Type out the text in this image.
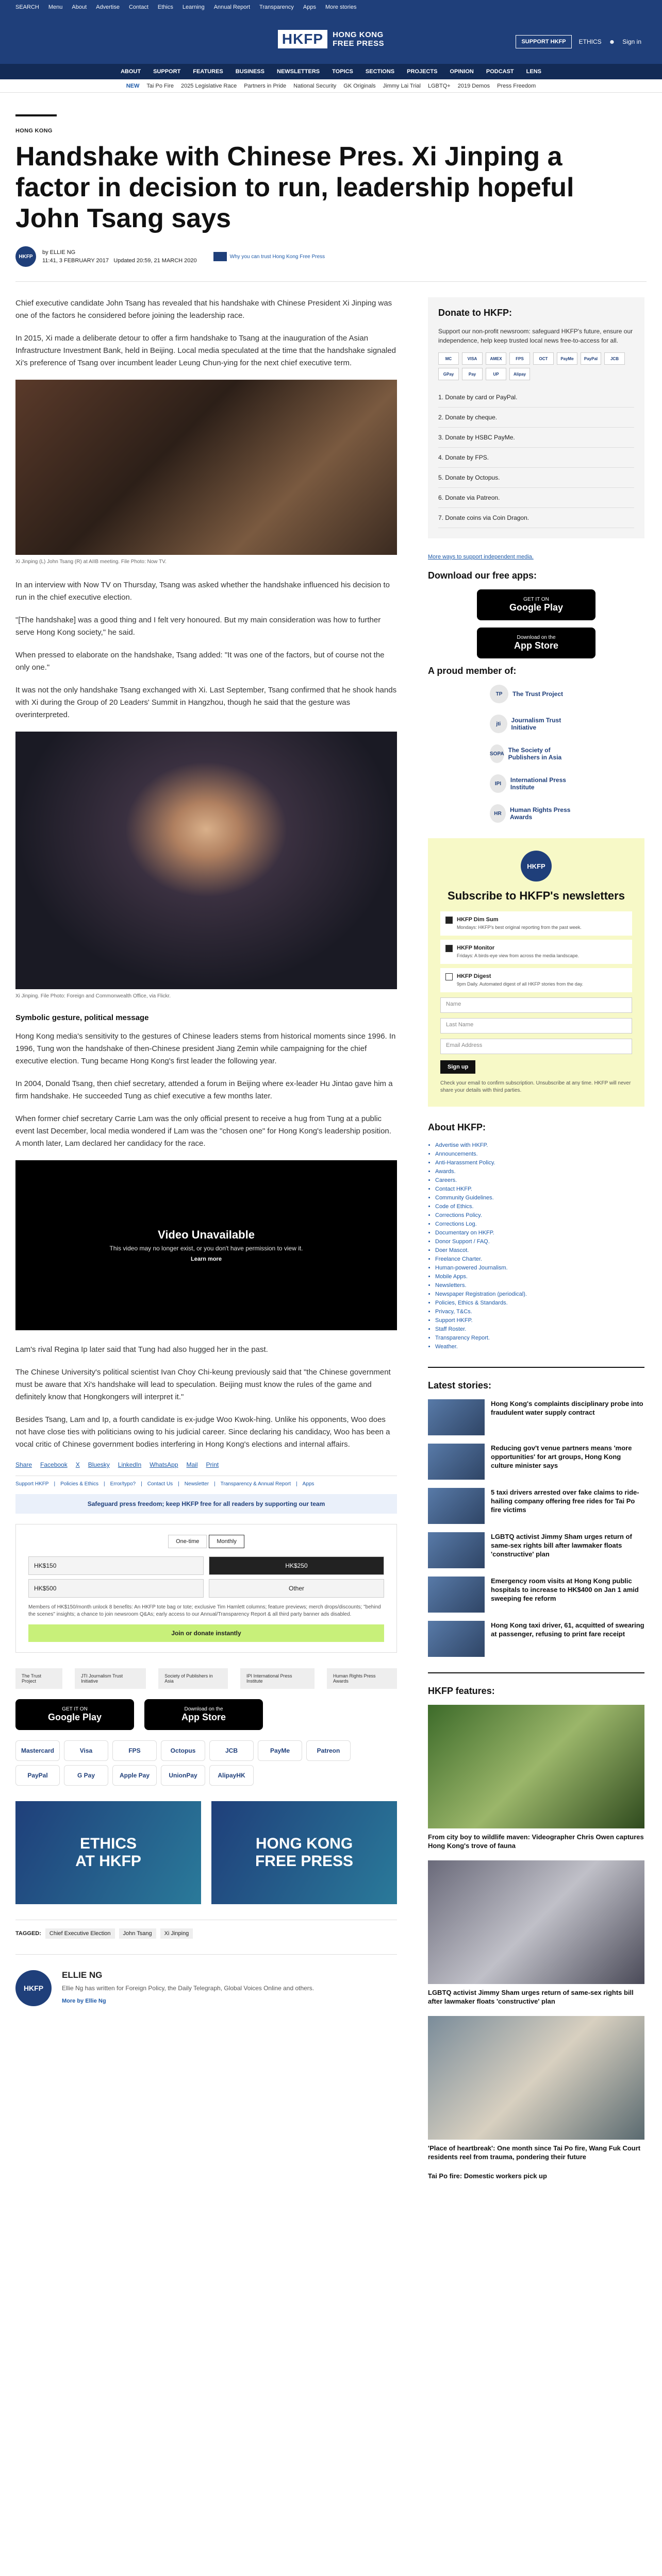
SEARCH Menu About Advertise Contact Ethics Learning Annual Report Transparency Apps More stories
HKFP	HONG KONG
FREE PRESS	SUPPORT HKFP	ETHICS ☻ Sign in
ABOUT SUPPORT FEATURES BUSINESS NEWSLETTERS TOPICS SECTIONS PROJECTS OPINION PODCAST LENS
NEW Tai Po Fire 2025 Legislative Race Partners in Pride National Security GK Originals Jimmy Lai Trial LGBTQ+ 2019 Demos Press Freedom
HONG KONG
Handshake with Chinese Pres. Xi Jinping a factor in decision to run, leadership hopeful John Tsang says
HKFP
by ELLIE NG
11:41, 3 FEBRUARY 2017 Updated 20:59, 21 MARCH 2020
Why you can trust Hong Kong Free Press

Chief executive candidate John Tsang has revealed that his handshake with Chinese President Xi Jinping was one of the factors he considered before joining the leadership race.

In 2015, Xi made a deliberate detour to offer a firm handshake to Tsang at the inauguration of the Asian Infrastructure Investment Bank, held in Beijing. Local media speculated at the time that the handshake signaled Xi's preference of Tsang over incumbent leader Leung Chun-ying for the next chief executive term.

Xi Jinping (L) John Tsang (R) at AIIB meeting. File Photo: Now TV.

In an interview with Now TV on Thursday, Tsang was asked whether the handshake influenced his decision to run in the chief executive election.

"[The handshake] was a good thing and I felt very honoured. But my main consideration was how to further serve Hong Kong society," he said.

When pressed to elaborate on the handshake, Tsang added: "It was one of the factors, but of course not the only one."

It was not the only handshake Tsang exchanged with Xi. Last September, Tsang confirmed that he shook hands with Xi during the Group of 20 Leaders' Summit in Hangzhou, though he said that the gesture was overinterpreted.

Xi Jinping. File Photo: Foreign and Commonwealth Office, via Flickr.
Symbolic gesture, political message

Hong Kong media's sensitivity to the gestures of Chinese leaders stems from historical moments since 1996. In 1996, Tung won the handshake of then-Chinese president Jiang Zemin while campaigning for the chief executive election. Tung became Hong Kong's first leader the following year.

In 2004, Donald Tsang, then chief secretary, attended a forum in Beijing where ex-leader Hu Jintao gave him a firm handshake. He succeeded Tung as chief executive a few months later.

When former chief secretary Carrie Lam was the only official present to receive a hug from Tung at a public event last December, local media wondered if Lam was the "chosen one" for Hong Kong's leadership position. A month later, Lam declared her candidacy for the race.

Video Unavailable
This video may no longer exist, or you don't have permission to view it.
Learn more

Lam's rival Regina Ip later said that Tung had also hugged her in the past.

The Chinese University's political scientist Ivan Choy Chi-keung previously said that "the Chinese government must be aware that Xi's handshake will lead to speculation. Beijing must know the rules of the game and definitely know that Hongkongers will interpret it."

Besides Tsang, Lam and Ip, a fourth candidate is ex-judge Woo Kwok-hing. Unlike his opponents, Woo does not have close ties with politicians owing to his judicial career. Since declaring his candidacy, Woo has been a vocal critic of Chinese government bodies interfering in Hong Kong's elections and internal affairs.

Share Facebook X Bluesky LinkedIn WhatsApp Mail Print
Support HKFP | Policies & Ethics | Error/typo? | Contact Us | Newsletter | Transparency & Annual Report | Apps
Safeguard press freedom; keep HKFP free for all readers by supporting our team
One-time	Monthly
HK$150	HK$250
HK$500	Other
Members of HK$150/month unlock 8 benefits: An HKFP tote bag or tote; exclusive Tim Hamlett columns; feature previews; merch drops/discounts; "behind the scenes" insights; a chance to join newsroom Q&As; early access to our Annual/Transparency Report & all third party banner ads disabled.
Join or donate instantly
The Trust Project
JTI Journalism Trust Initiative
Society of Publishers in Asia
IPI International Press Institute
Human Rights Press Awards
GET IT ON
Google Play
Download on the
App Store
Mastercard	Visa	FPS	Octopus	JCB	PayMe	Patreon
PayPal	G Pay	Apple Pay	UnionPay	AlipayHK
ETHICS
AT HKFP
HONG KONG
FREE PRESS
TAGGED:	Chief Executive Election	John Tsang	Xi Jinping
HKFP
ELLIE NG
Ellie Ng has written for Foreign Policy, the Daily Telegraph, Global Voices Online and others.
More by Ellie Ng
Donate to HKFP:
Support our non-profit newsroom: safeguard HKFP's future, ensure our independence, help keep trusted local news free-to-access for all.
MC	VISA	AMEX	FPS	OCT	PayMe	PayPal	JCB
GPay	Pay	UP	Alipay
1. Donate by card or PayPal.
2. Donate by cheque.
3. Donate by HSBC PayMe.
4. Donate by FPS.
5. Donate by Octopus.
6. Donate via Patreon.
7. Donate coins via Coin Dragon.
More ways to support independent media.
Download our free apps:
GET IT ON
Google Play
Download on the
App Store
A proud member of:
TP	The Trust Project
jti	Journalism Trust Initiative
SOPA The Society of Publishers in Asia
IPI	International Press Institute
HR	Human Rights Press Awards
HKFP
Subscribe to HKFP's newsletters
HKFP Dim Sum
Mondays: HKFP's best original reporting from the past week.
HKFP Monitor
Fridays: A birds-eye view from across the media landscape.
HKFP Digest
9pm Daily. Automated digest of all HKFP stories from the day.
Name
Last Name
Email Address
Sign up
Check your email to confirm subscription. Unsubscribe at any time. HKFP will never share your details with third parties.
About HKFP:
• Advertise with HKFP.
• Announcements.
• Anti-Harassment Policy.
• Awards.
• Careers.
• Contact HKFP.
• Community Guidelines.
• Code of Ethics.
• Corrections Policy.
• Corrections Log.
• Documentary on HKFP.
• Donor Support / FAQ.
• Doer Mascot.
• Freelance Charter.
• Human-powered Journalism.
• Mobile Apps.
• Newsletters.
• Newspaper Registration (periodical).
• Policies, Ethics & Standards.
• Privacy, T&Cs.
• Support HKFP.
• Staff Roster.
• Transparency Report.
• Weather.
Latest stories:
Hong Kong's complaints disciplinary probe into fraudulent water supply contract
Reducing gov't venue partners means 'more opportunities' for art groups, Hong Kong culture minister says
5 taxi drivers arrested over fake claims to ride-hailing company offering free rides for Tai Po fire victims
LGBTQ activist Jimmy Sham urges return of same-sex rights bill after lawmaker floats 'constructive' plan
Emergency room visits at Hong Kong public hospitals to increase to HK$400 on Jan 1 amid sweeping fee reform
Hong Kong taxi driver, 61, acquitted of swearing at passenger, refusing to print fare receipt
HKFP features:
From city boy to wildlife maven: Videographer Chris Owen captures Hong Kong's trove of fauna
LGBTQ activist Jimmy Sham urges return of same-sex rights bill after lawmaker floats 'constructive' plan
'Place of heartbreak': One month since Tai Po fire, Wang Fuk Court residents reel from trauma, pondering their future
Tai Po fire: Domestic workers pick up
